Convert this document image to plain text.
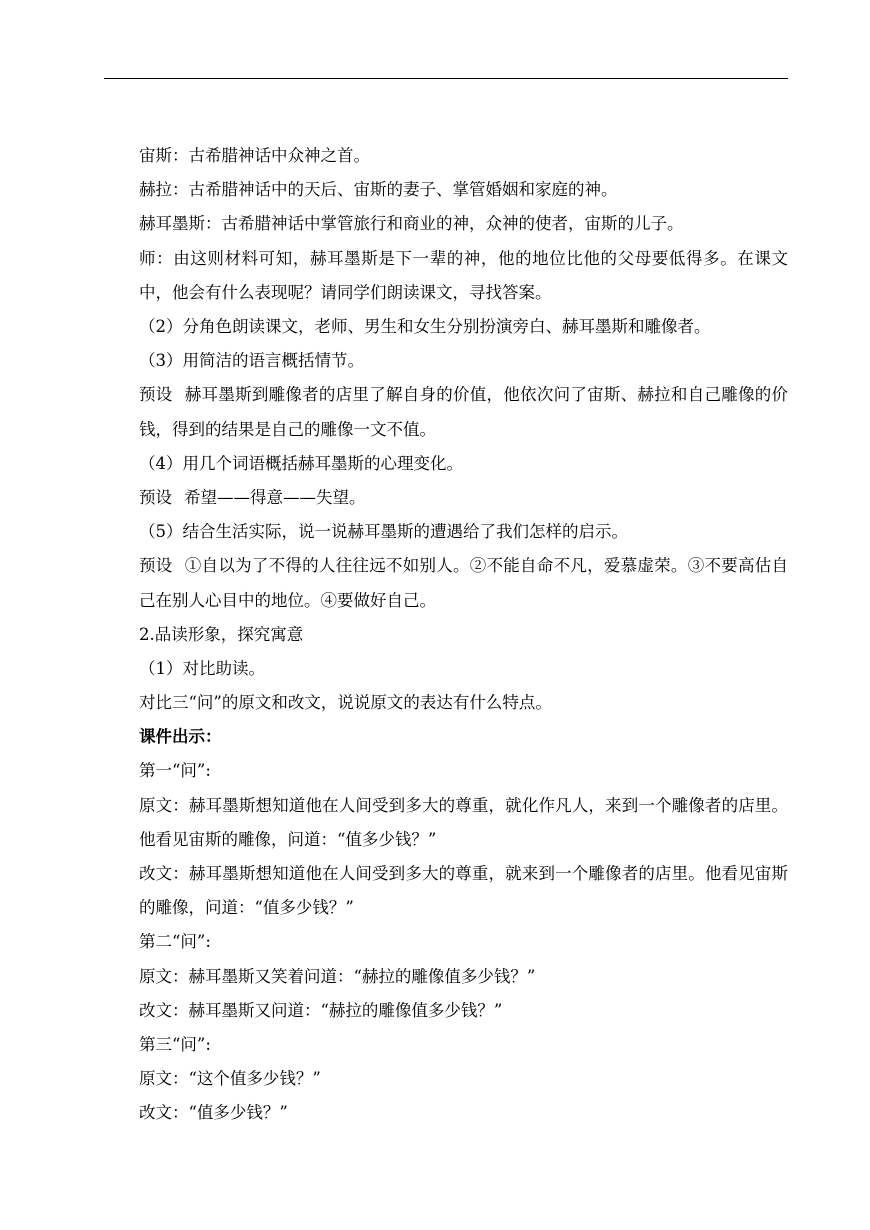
宙斯：古希腊神话中众神之首。
赫拉：古希腊神话中的天后、宙斯的妻子、掌管婚姻和家庭的神。
赫耳墨斯：古希腊神话中掌管旅行和商业的神，众神的使者，宙斯的儿子。
师：由这则材料可知，赫耳墨斯是下一辈的神，他的地位比他的父母要低得多。在课文中，他会有什么表现呢？请同学们朗读课文，寻找答案。
（2）分角色朗读课文，老师、男生和女生分别扮演旁白、赫耳墨斯和雕像者。
（3）用简洁的语言概括情节。
预设 赫耳墨斯到雕像者的店里了解自身的价值，他依次问了宙斯、赫拉和自己雕像的价钱，得到的结果是自己的雕像一文不值。
（4）用几个词语概括赫耳墨斯的心理变化。
预设 希望——得意——失望。
（5）结合生活实际，说一说赫耳墨斯的遭遇给了我们怎样的启示。
预设 ①自以为了不得的人往往远不如别人。②不能自命不凡，爱慕虚荣。③不要高估自己在别人心目中的地位。④要做好自己。
2.品读形象，探究寓意
（1）对比助读。
对比三“问”的原文和改文，说说原文的表达有什么特点。
课件出示：
第一“问”:
原文：赫耳墨斯想知道他在人间受到多大的尊重，就化作凡人，来到一个雕像者的店里。他看见宙斯的雕像，问道：“值多少钱？”
改文：赫耳墨斯想知道他在人间受到多大的尊重，就来到一个雕像者的店里。他看见宙斯的雕像，问道：“值多少钱？”
第二“问”:
原文：赫耳墨斯又笑着问道：“赫拉的雕像值多少钱？”
改文：赫耳墨斯又问道：“赫拉的雕像值多少钱？”
第三“问”:
原文：“这个值多少钱？”
改文：“值多少钱？”
